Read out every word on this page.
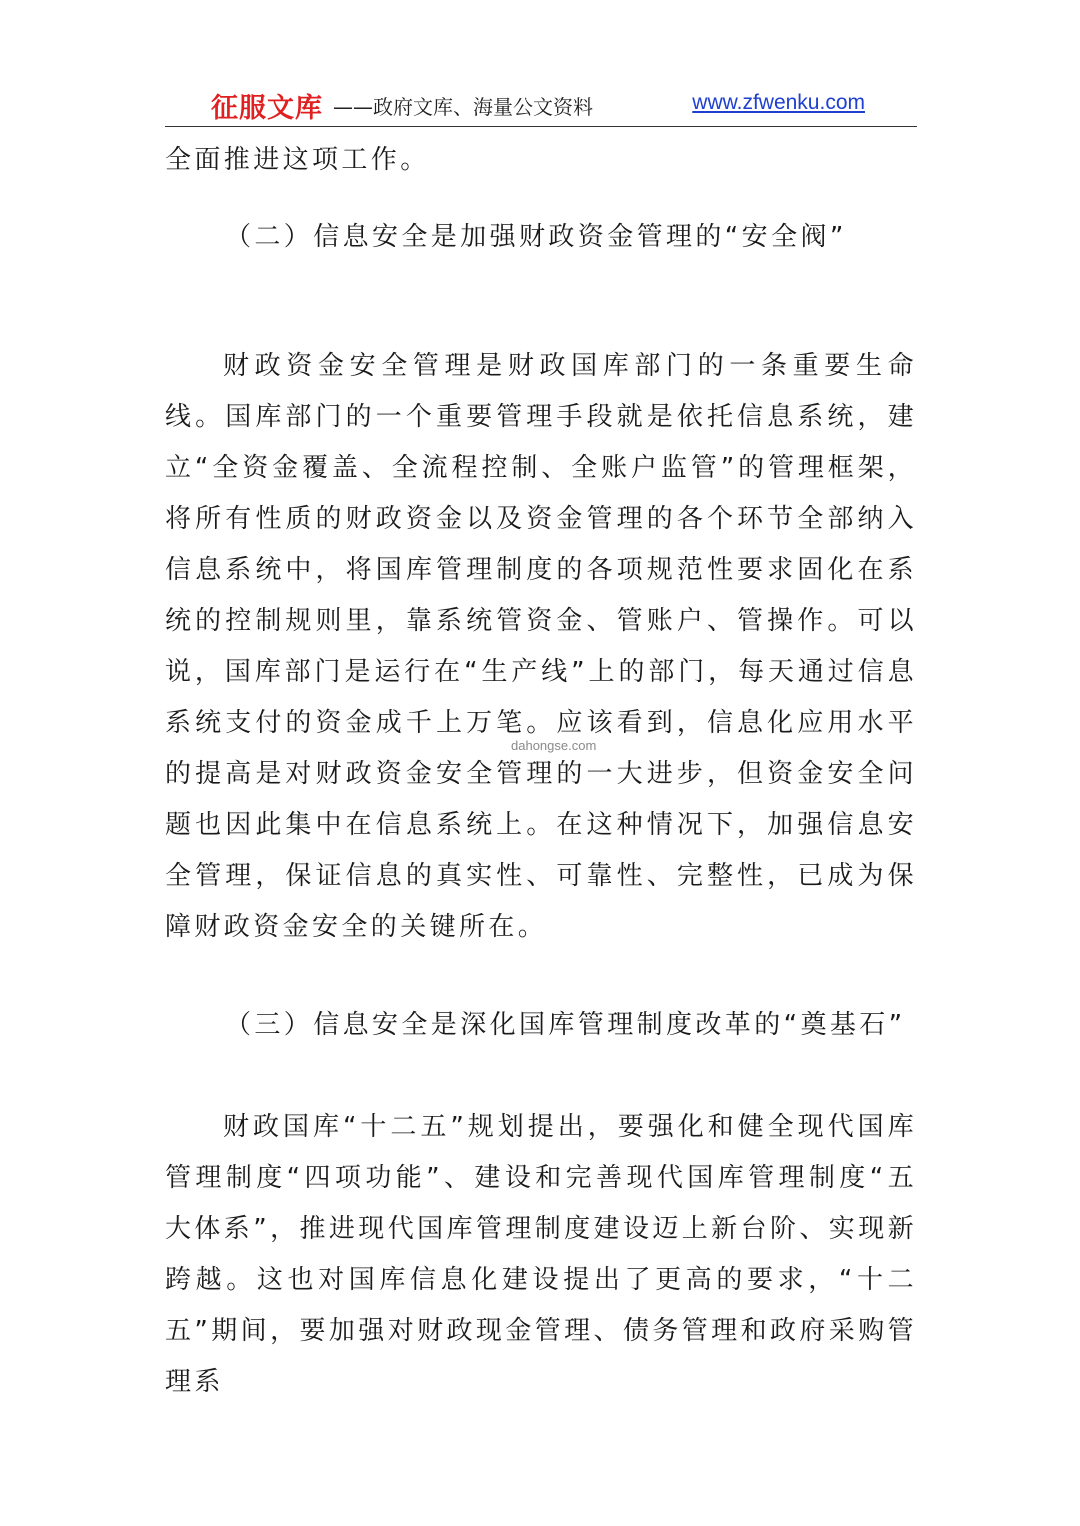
征服文库 ——政府文库、海量公文资料	www.zfwenku.com

全面推进这项工作。

（二）信息安全是加强财政资金管理的“安全阀”

财政资金安全管理是财政国库部门的一条重要生命线。国库部门的一个重要管理手段就是依托信息系统，建立“全资金覆盖、全流程控制、全账户监管”的管理框架，将所有性质的财政资金以及资金管理的各个环节全部纳入信息系统中，将国库管理制度的各项规范性要求固化在系统的控制规则里，靠系统管资金、管账户、管操作。可以说，国库部门是运行在“生产线”上的部门，每天通过信息系统支付的资金成千上万笔。应该看到，信息化应用水平的提高是对财政资金安全管理的一大进步，但资金安全问题也因此集中在信息系统上。在这种情况下，加强信息安全管理，保证信息的真实性、可靠性、完整性，已成为保障财政资金安全的关键所在。

（三）信息安全是深化国库管理制度改革的“奠基石”

财政国库“十二五”规划提出，要强化和健全现代国库管理制度“四项功能”、建设和完善现代国库管理制度“五大体系”，推进现代国库管理制度建设迈上新台阶、实现新跨越。这也对国库信息化建设提出了更高的要求，“十二五”期间，要加强对财政现金管理、债务管理和政府采购管理系

dahongse.com
